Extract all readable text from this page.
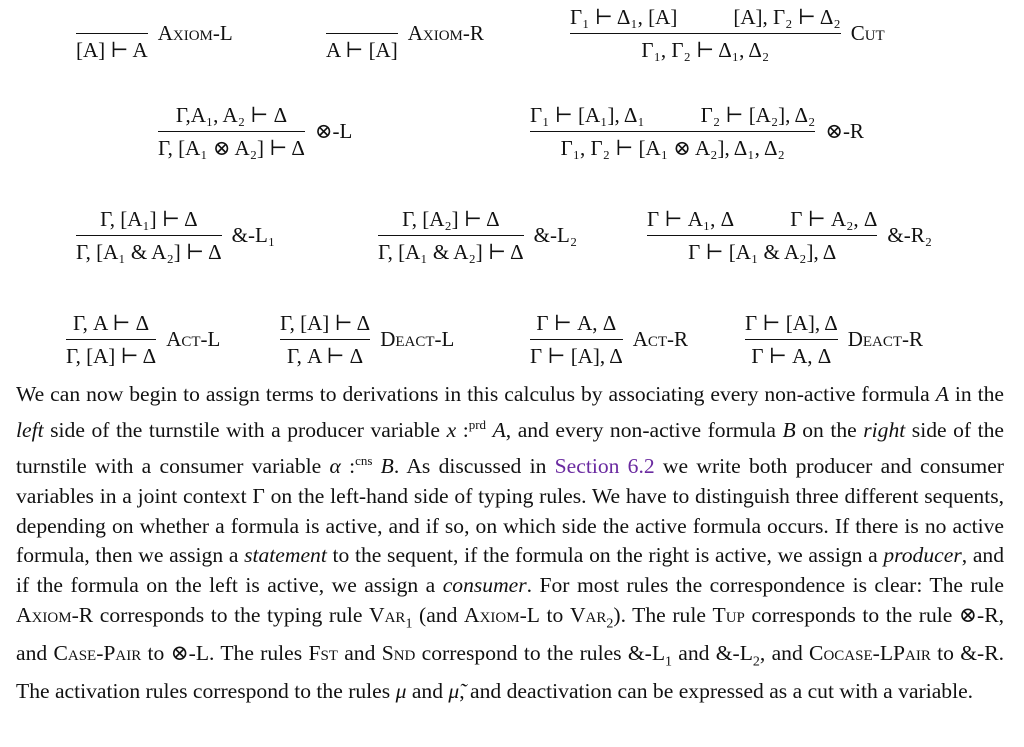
[A] ⊢ A
Axiom-L
A ⊢ [A]
Axiom-R	Γ₁ ⊢ Δ₁, [A]	[A], Γ₂ ⊢ Δ₂
Γ₁, Γ₂ ⊢ Δ₁, Δ₂ Cut
$\frac{\text{Γ,A₁, A₂ ⊢ Δ}}{\text{Γ, [A₁ ⊗ A₂] ⊢ Δ}}$ ⊗-L	Γ₁ ⊢ [A₁], Δ₁	Γ₂ ⊢ [A₂], Δ₂
Γ₁, Γ₂ ⊢ [A₁ ⊗ A₂], Δ₁, Δ₂ ⊗-R
$\frac{\text{Γ, [A₁] ⊢ Δ}}{\text{Γ, [A₁ \& A₂] ⊢ Δ}}$ &-L₁	$\frac{\text{Γ, [A₂] ⊢ Δ}}{\text{Γ, [A₁ \& A₂] ⊢ Δ}}$ &-L₂	Γ ⊢ A₁, Δ	Γ ⊢ A₂, Δ
Γ ⊢ [A₁ & A₂], Δ &-R₂
$\frac{\Gamma, A ⊢ \Delta}{\Gamma, [A] ⊢ \Delta} Act-L$	$\frac{\Gamma, [A] ⊢ \Delta}{\Gamma, A ⊢ \Delta}$ Deact-L	$\frac{\Gamma ⊢ A, \Delta}{\Gamma ⊢ [A], \Delta} Act-R$	$\frac{\Gamma ⊢ [A], \Delta}{\Gamma ⊢ A, \Delta}$ Deact-R
We can now begin to assign terms to derivations in this calculus by associating every non-active formula A in the left side of the turnstile with a producer variable x :$^{prd}$ A, and every non-active formula B on the right side of the turnstile with a consumer variable α :$^{cns}$ B. As discussed in Section 6.2 we write both producer and consumer variables in a joint context Γ on the left-hand side of typing rules. We have to distinguish three different sequents, depending on whether a formula is active, and if so, on which side the active formula occurs. If there is no active formula, then we assign a statement to the sequent, if the formula on the right is active, we assign a producer, and if the formula on the left is active, we assign a consumer. For most rules the correspondence is clear: The rule Axiom-R corresponds to the typing rule Var$_1$ (and Axiom-L to Var$_2$). The rule Tup corresponds to the rule ⊗-R, and Case-Pair to ⊗-L. The rules Fst and Snd correspond to the rules $\&-L_1$ and $\&-L_2$, and Cocase-LPair to &-R. The activation rules correspond to the rules μ and μ̃, and deactivation can be expressed as a cut with a variable.
